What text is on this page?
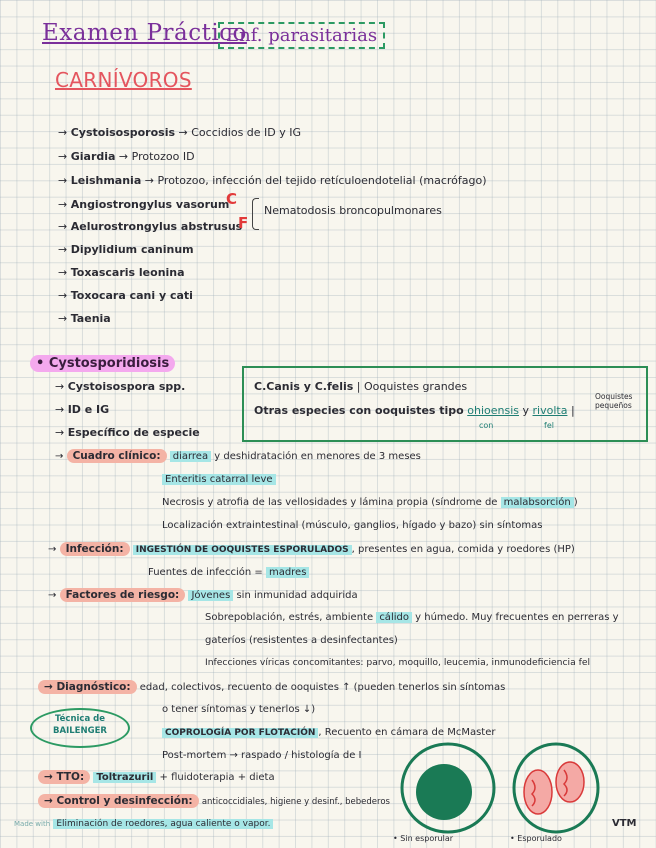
Examen Práctico
Enf. parasitarias
CARNÍVOROS
→ Cystoisosporosis → Coccidios de ID y IG
→ Giardia → Protozoo ID
→ Leishmania → Protozoo, infección del tejido retículoendotelial (macrófago)
→ Angiostrongylus vasorum
C
→ Aelurostrongylus abstrusus
F
Nematodosis broncopulmonares
→ Dipylidium caninum
→ Toxascaris leonina
→ Toxocara cani y cati
→ Taenia
• Cystosporidiosis
→ Cystoisospora spp.
→ ID e IG
→ Específico de especie
C.Canis y C.felis | Ooquistes grandes
Otras especies con ooquistes tipo ohioensis y rivolta |
con	fel
Ooquistes pequeños
→ Cuadro clínico: diarrea y deshidratación en menores de 3 meses
Enteritis catarral leve
Necrosis y atrofia de las vellosidades y lámina propia (síndrome de malabsorción )
Localización extraintestinal (músculo, ganglios, hígado y bazo) sin síntomas
→ Infección: INGESTIÓN DE OOQUISTES ESPORULADOS , presentes en agua, comida y roedores (HP)
Fuentes de infección = madres
→ Factores de riesgo: Jóvenes sin inmunidad adquirida
Sobrepoblación, estrés, ambiente cálido y húmedo. Muy frecuentes en perreras y
gateríos (resistentes a desinfectantes)
Infecciones víricas concomitantes: parvo, moquillo, leucemia, inmunodeficiencia fel
→ Diagnóstico: edad, colectivos, recuento de ooquistes ↑ (pueden tenerlos sin síntomas
o tener síntomas y tenerlos ↓)
COPROLOGÍA POR FLOTACIÓN , Recuento en cámara de McMaster
Post-mortem → raspado / histología de I
Técnica de BAILENGER
→ TTO: Toltrazuril + fluidoterapia + dieta
→ Control y desinfección: anticoccidiales, higiene y desinf., bebederos
Made with Eliminación de roedores, agua caliente o vapor.
• Sin esporular	• Esporulado
VTM
